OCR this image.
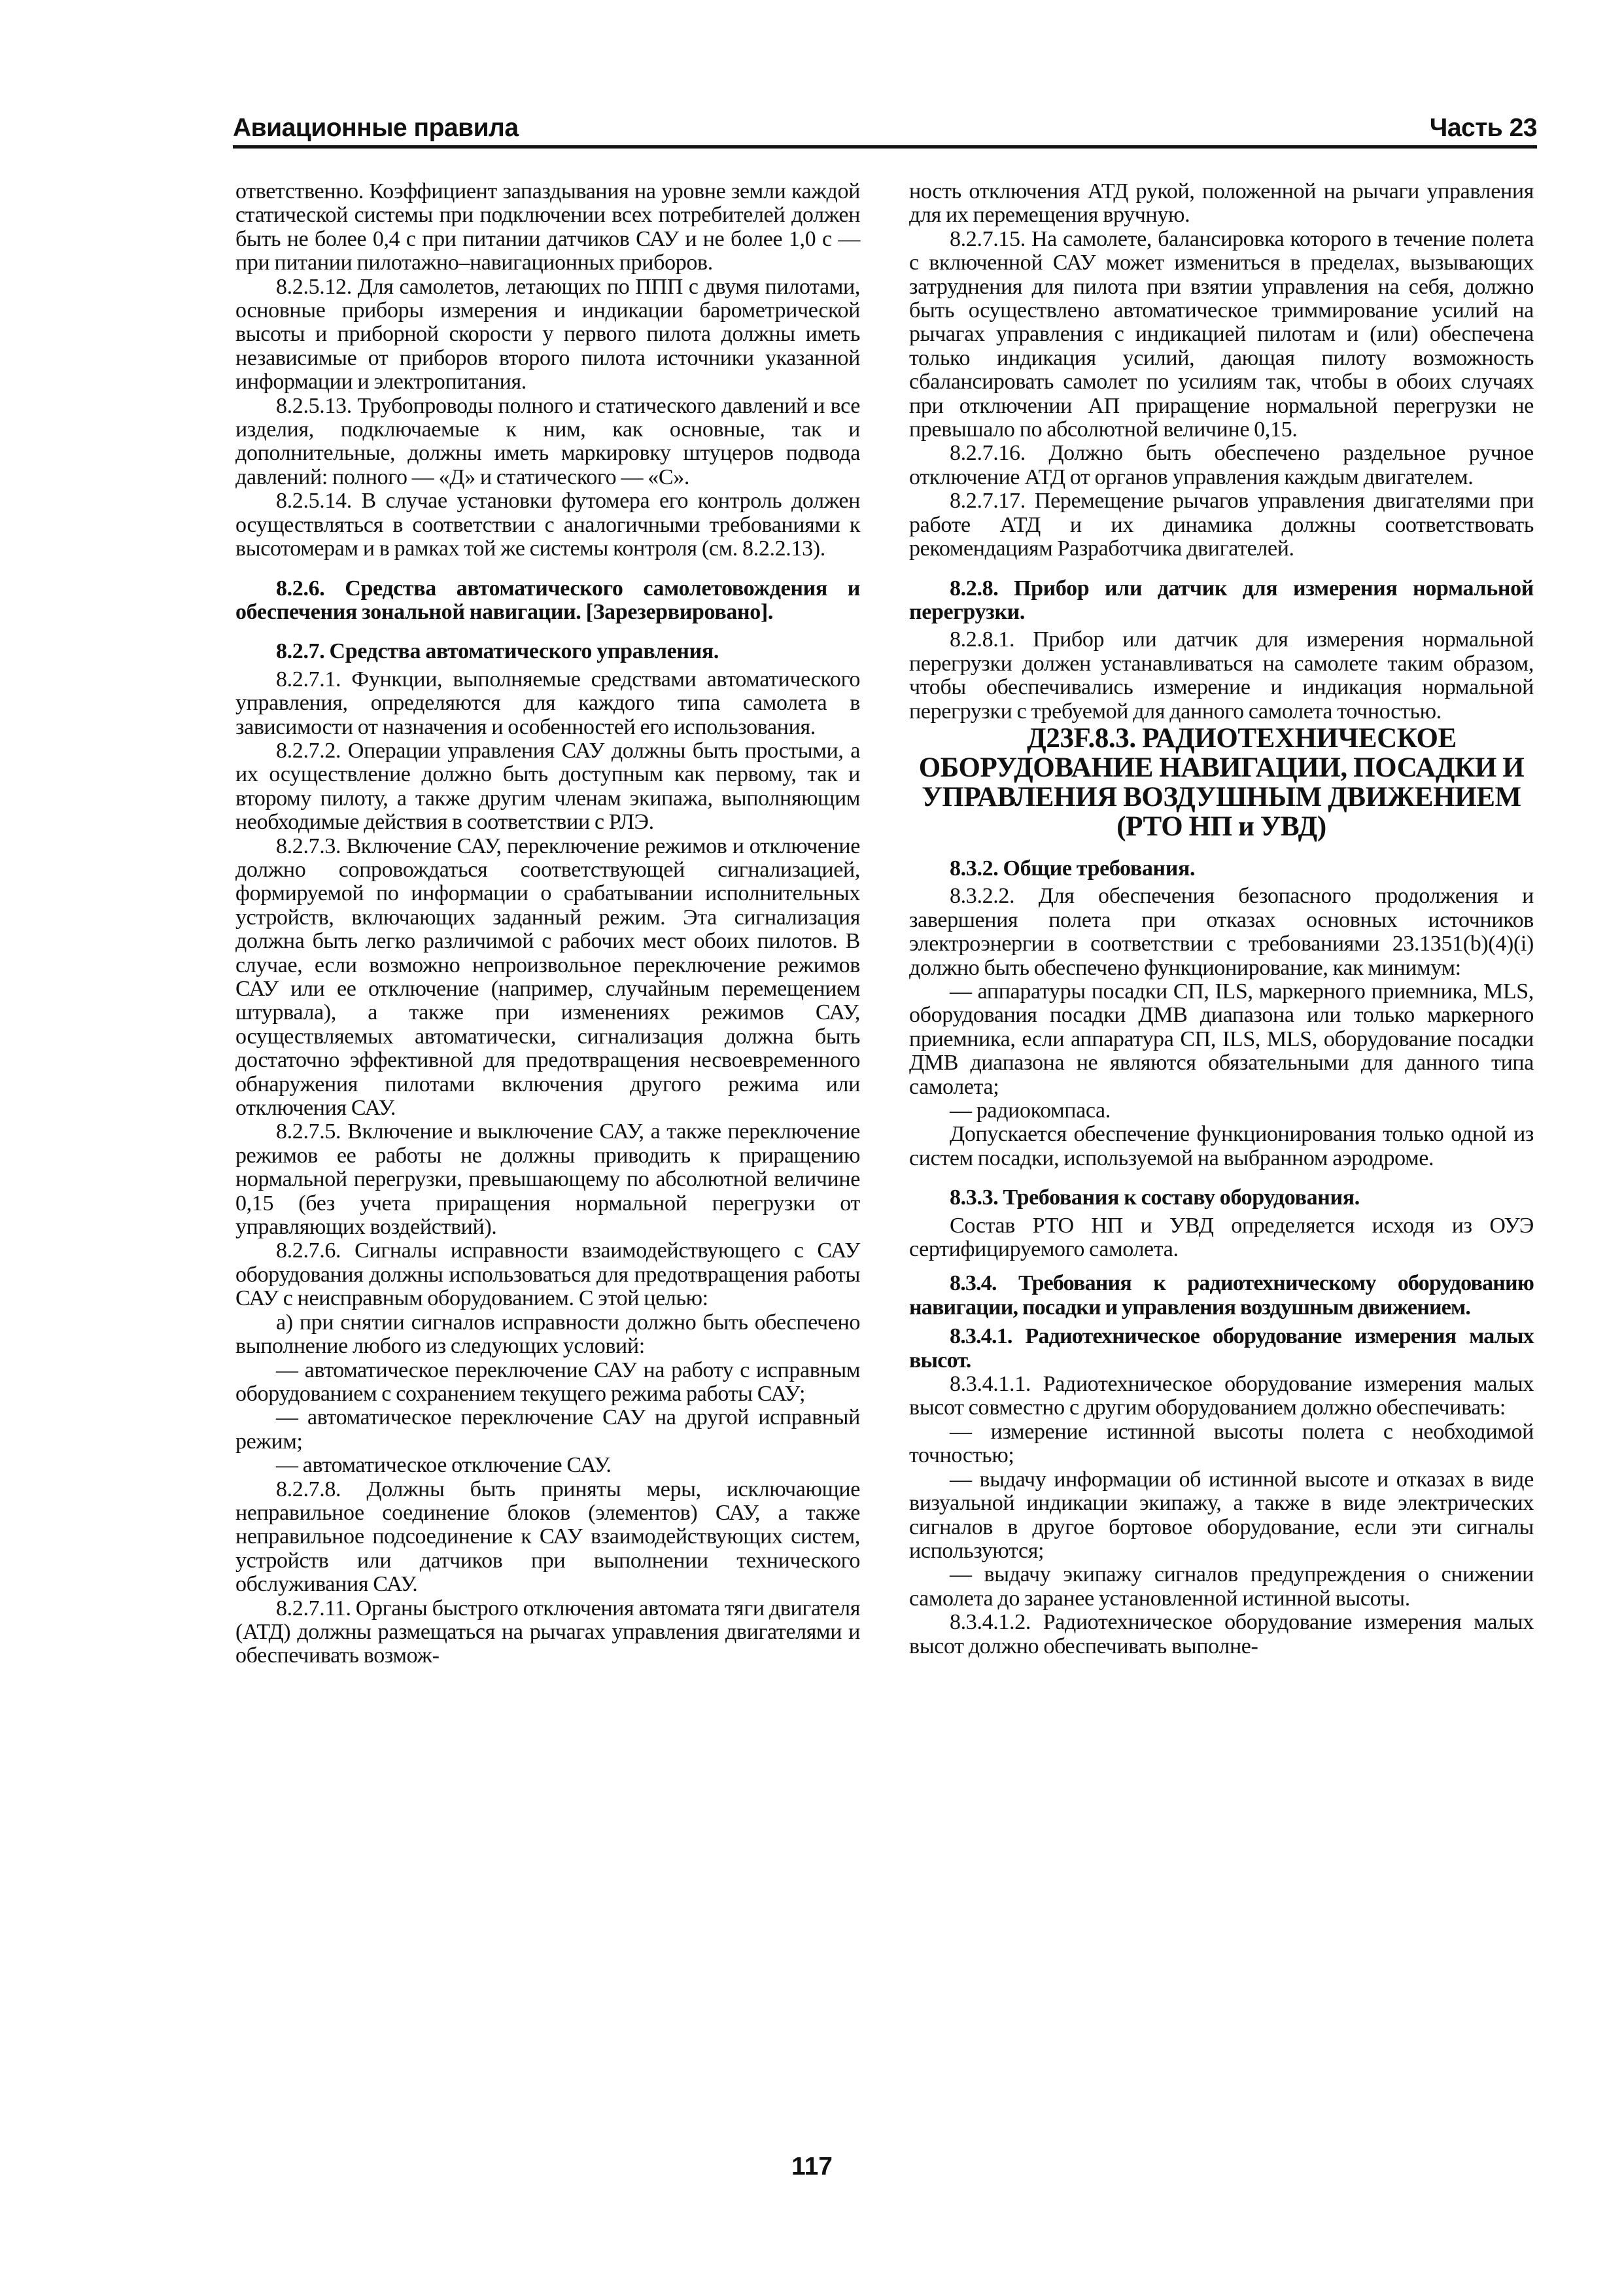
Авиационные правила	Часть 23

ответственно. Коэффициент запаздывания на уровне земли каждой статической системы при подключении всех потребителей должен быть не более 0,4 с при питании датчиков САУ и не более 1,0 с — при питании пилотажно–навигационных приборов.

8.2.5.12. Для самолетов, летающих по ППП с двумя пилотами, основные приборы измерения и индикации барометрической высоты и приборной скорости у первого пилота должны иметь независимые от приборов второго пилота источники указанной информации и электропитания.

8.2.5.13. Трубопроводы полного и статического давлений и все изделия, подключаемые к ним, как основные, так и дополнительные, должны иметь маркировку штуцеров подвода давлений: полного — «Д» и статического — «С».

8.2.5.14. В случае установки футомера его контроль должен осуществляться в соответствии с аналогичными требованиями к высотомерам и в рамках той же системы контроля (см. 8.2.2.13).

8.2.6. Средства автоматического самолетовождения и обеспечения зональной навигации. [Зарезервировано].

8.2.7. Средства автоматического управления.

8.2.7.1. Функции, выполняемые средствами автоматического управления, определяются для каждого типа самолета в зависимости от назначения и особенностей его использования.

8.2.7.2. Операции управления САУ должны быть простыми, а их осуществление должно быть доступным как первому, так и второму пилоту, а также другим членам экипажа, выполняющим необходимые действия в соответствии с РЛЭ.

8.2.7.3. Включение САУ, переключение режимов и отключение должно сопровождаться соответствующей сигнализацией, формируемой по информации о срабатывании исполнительных устройств, включающих заданный режим. Эта сигнализация должна быть легко различимой с рабочих мест обоих пилотов. В случае, если возможно непроизвольное переключение режимов САУ или ее отключение (например, случайным перемещением штурвала), а также при изменениях режимов САУ, осуществляемых автоматически, сигнализация должна быть достаточно эффективной для предотвращения несвоевременного обнаружения пилотами включения другого режима или отключения САУ.

8.2.7.5. Включение и выключение САУ, а также переключение режимов ее работы не должны приводить к приращению нормальной перегрузки, превышающему по абсолютной величине 0,15 (без учета приращения нормальной перегрузки от управляющих воздействий).

8.2.7.6. Сигналы исправности взаимодействующего с САУ оборудования должны использоваться для предотвращения работы САУ с неисправным оборудованием. С этой целью:

а) при снятии сигналов исправности должно быть обеспечено выполнение любого из следующих условий:

— автоматическое переключение САУ на работу с исправным оборудованием с сохранением текущего режима работы САУ;

— автоматическое переключение САУ на другой исправный режим;

— автоматическое отключение САУ.

8.2.7.8. Должны быть приняты меры, исключающие неправильное соединение блоков (элементов) САУ, а также неправильное подсоединение к САУ взаимодействующих систем, устройств или датчиков при выполнении технического обслуживания САУ.

8.2.7.11. Органы быстрого отключения автомата тяги двигателя (АТД) должны размещаться на рычагах управления двигателями и обеспечивать возмож-

ность отключения АТД рукой, положенной на рычаги управления для их перемещения вручную.

8.2.7.15. На самолете, балансировка которого в течение полета с включенной САУ может измениться в пределах, вызывающих затруднения для пилота при взятии управления на себя, должно быть осуществлено автоматическое триммирование усилий на рычагах управления с индикацией пилотам и (или) обеспечена только индикация усилий, дающая пилоту возможность сбалансировать самолет по усилиям так, чтобы в обоих случаях при отключении АП приращение нормальной перегрузки не превышало по абсолютной величине 0,15.

8.2.7.16. Должно быть обеспечено раздельное ручное отключение АТД от органов управления каждым двигателем.

8.2.7.17. Перемещение рычагов управления двигателями при работе АТД и их динамика должны соответствовать рекомендациям Разработчика двигателей.

8.2.8. Прибор или датчик для измерения нормальной перегрузки.

8.2.8.1. Прибор или датчик для измерения нормальной перегрузки должен устанавливаться на самолете таким образом, чтобы обеспечивались измерение и индикация нормальной перегрузки с требуемой для данного самолета точностью.

Д23F.8.3. РАДИОТЕХНИЧЕСКОЕ ОБОРУДОВАНИЕ НАВИГАЦИИ, ПОСАДКИ И УПРАВЛЕНИЯ ВОЗДУШНЫМ ДВИЖЕНИЕМ (РТО НП и УВД)

8.3.2. Общие требования.

8.3.2.2. Для обеспечения безопасного продолжения и завершения полета при отказах основных источников электроэнергии в соответствии с требованиями 23.1351(b)(4)(i) должно быть обеспечено функционирование, как минимум:

— аппаратуры посадки СП, ILS, маркерного приемника, MLS, оборудования посадки ДМВ диапазона или только маркерного приемника, если аппаратура СП, ILS, MLS, оборудование посадки ДМВ диапазона не являются обязательными для данного типа самолета;

— радиокомпаса.

Допускается обеспечение функционирования только одной из систем посадки, используемой на выбранном аэродроме.

8.3.3. Требования к составу оборудования.

Состав РТО НП и УВД определяется исходя из ОУЭ сертифицируемого самолета.

8.3.4. Требования к радиотехническому оборудованию навигации, посадки и управления воздушным движением.

8.3.4.1. Радиотехническое оборудование измерения малых высот.

8.3.4.1.1. Радиотехническое оборудование измерения малых высот совместно с другим оборудованием должно обеспечивать:

— измерение истинной высоты полета с необходимой точностью;

— выдачу информации об истинной высоте и отказах в виде визуальной индикации экипажу, а также в виде электрических сигналов в другое бортовое оборудование, если эти сигналы используются;

— выдачу экипажу сигналов предупреждения о снижении самолета до заранее установленной истинной высоты.

8.3.4.1.2. Радиотехническое оборудование измерения малых высот должно обеспечивать выполне-

117
